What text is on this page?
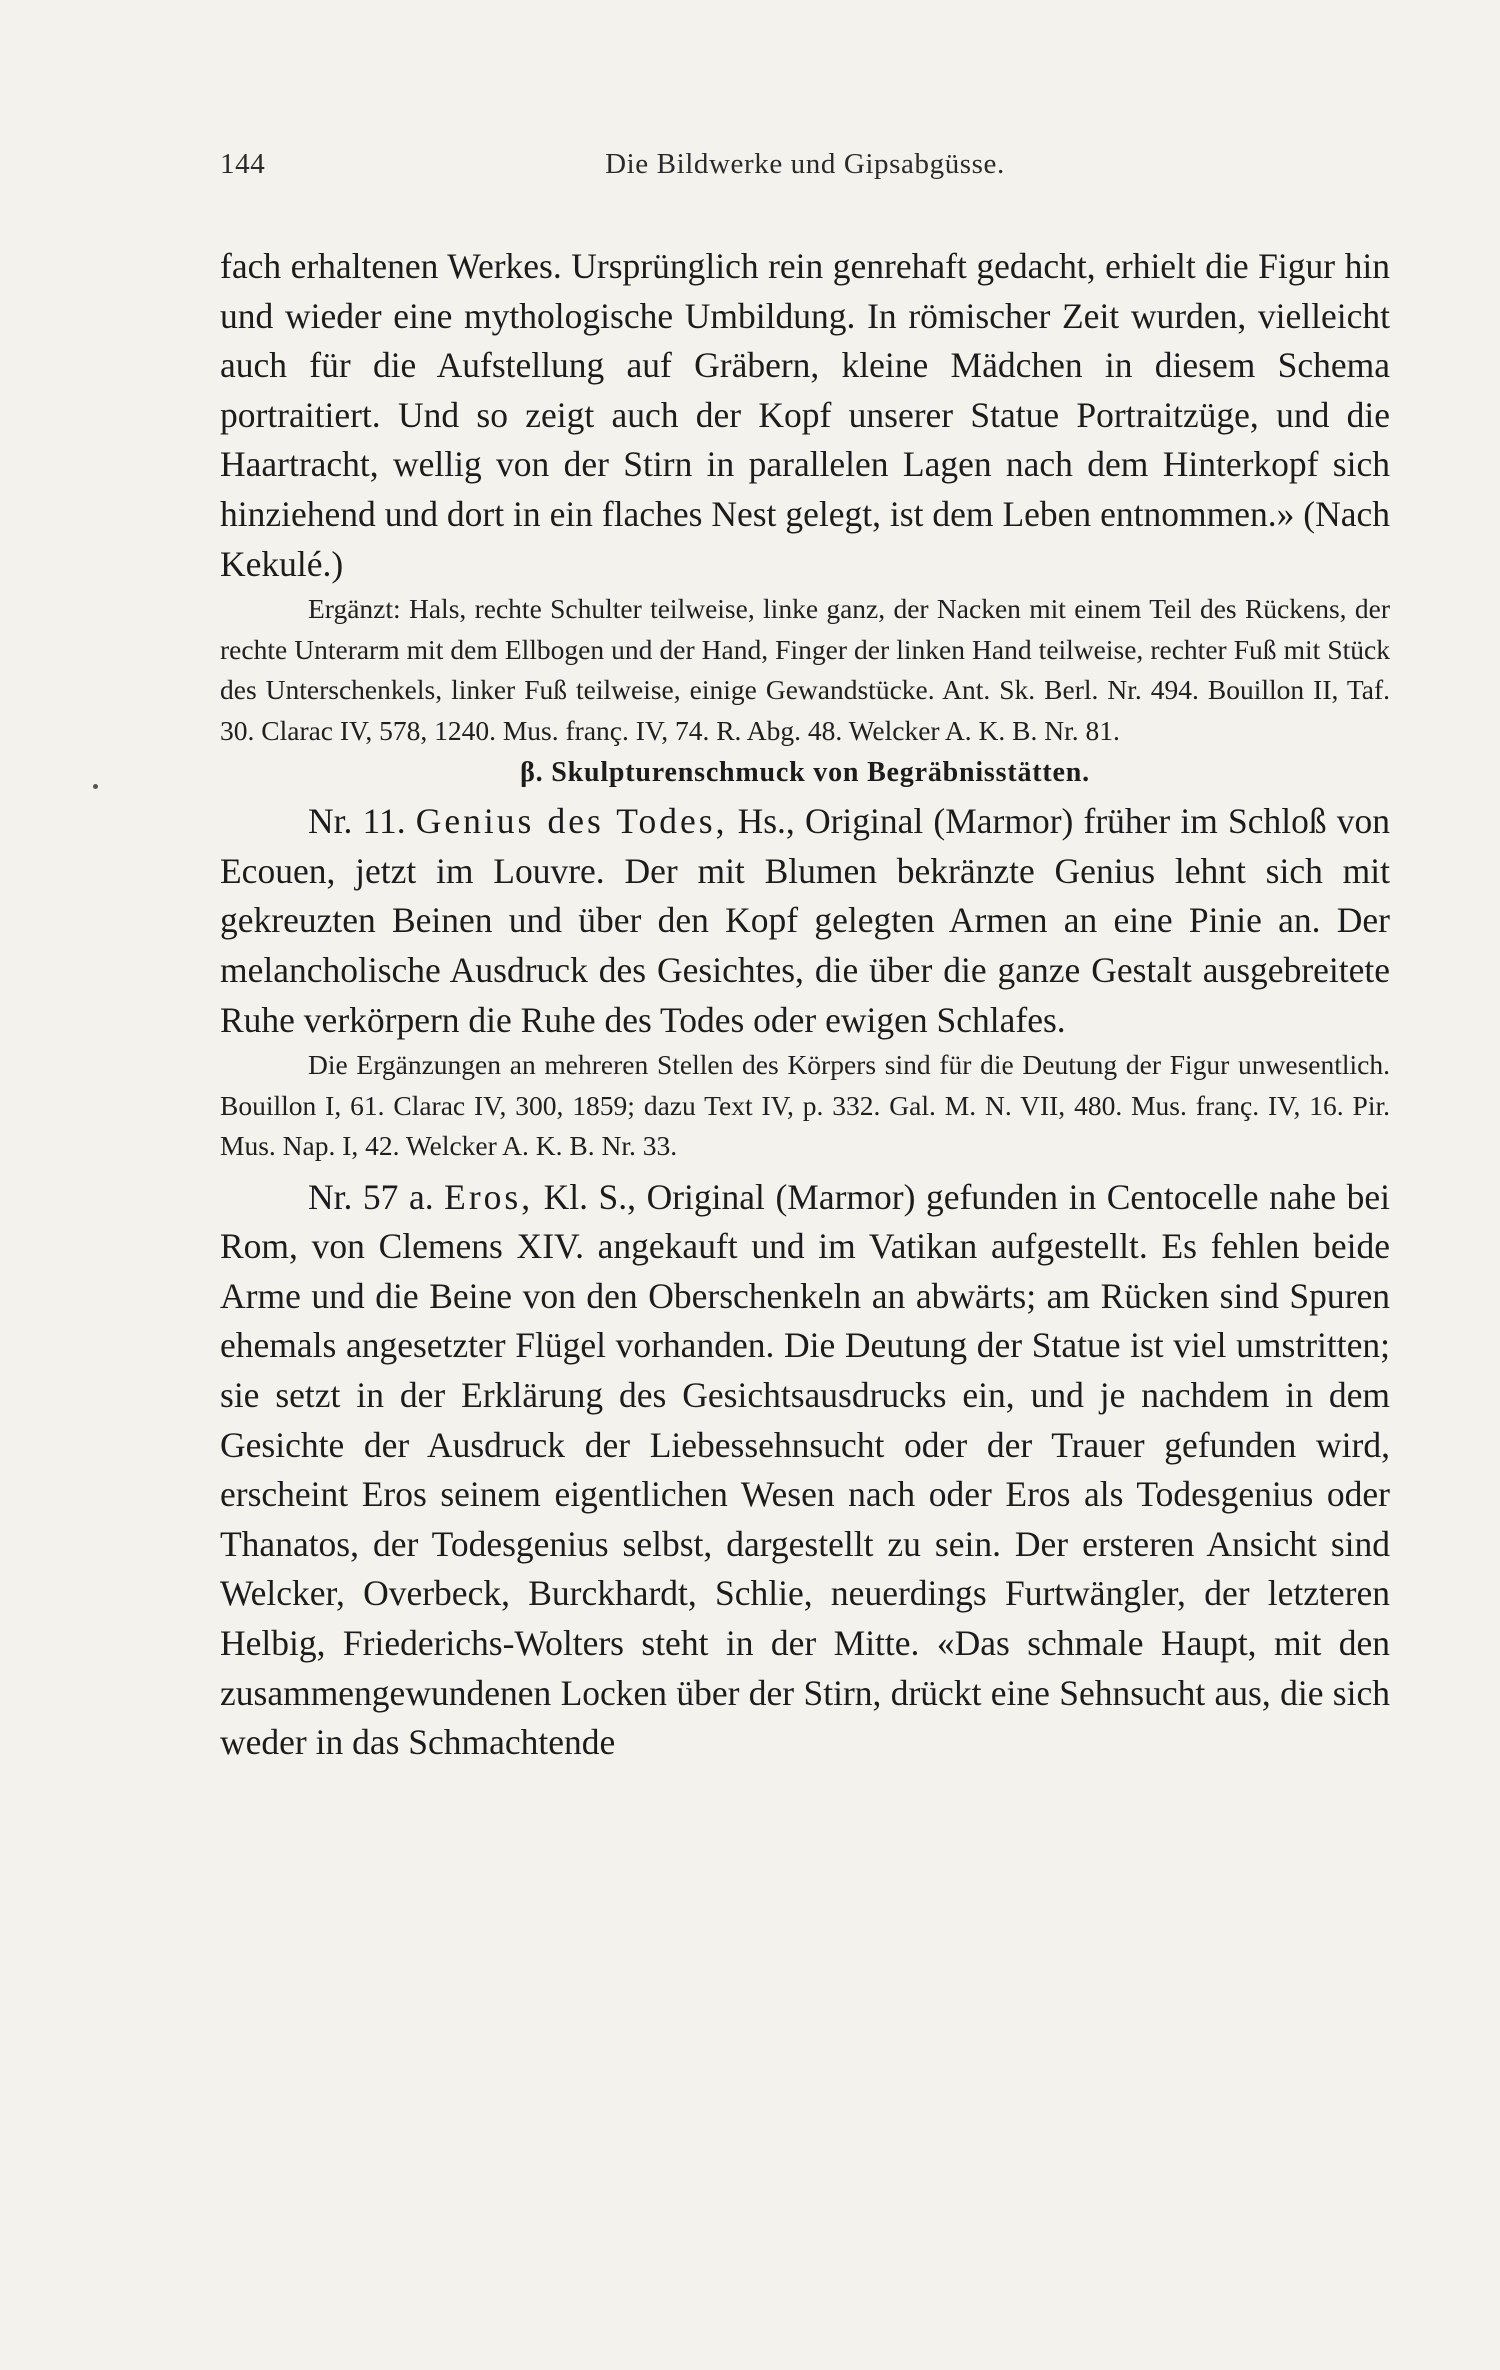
144	Die Bildwerke und Gipsabgüsse.

fach erhaltenen Werkes. Ursprünglich rein genrehaft gedacht, erhielt die Figur hin und wieder eine mythologische Umbildung. In römischer Zeit wurden, vielleicht auch für die Aufstellung auf Gräbern, kleine Mädchen in diesem Schema portraitiert. Und so zeigt auch der Kopf unserer Statue Portraitzüge, und die Haartracht, wellig von der Stirn in parallelen Lagen nach dem Hinterkopf sich hinziehend und dort in ein flaches Nest gelegt, ist dem Leben entnommen.» (Nach Kekulé.)

Ergänzt: Hals, rechte Schulter teilweise, linke ganz, der Nacken mit einem Teil des Rückens, der rechte Unterarm mit dem Ellbogen und der Hand, Finger der linken Hand teilweise, rechter Fuß mit Stück des Unterschenkels, linker Fuß teilweise, einige Gewandstücke. Ant. Sk. Berl. Nr. 494. Bouillon II, Taf. 30. Clarac IV, 578, 1240. Mus. franç. IV, 74. R. Abg. 48. Welcker A. K. B. Nr. 81.

β. Skulpturenschmuck von Begräbnisstätten.

Nr. 11. Genius des Todes, Hs., Original (Marmor) früher im Schloß von Ecouen, jetzt im Louvre. Der mit Blumen bekränzte Genius lehnt sich mit gekreuzten Beinen und über den Kopf gelegten Armen an eine Pinie an. Der melancholische Ausdruck des Gesichtes, die über die ganze Gestalt ausgebreitete Ruhe verkörpern die Ruhe des Todes oder ewigen Schlafes.

Die Ergänzungen an mehreren Stellen des Körpers sind für die Deutung der Figur unwesentlich. Bouillon I, 61. Clarac IV, 300, 1859; dazu Text IV, p. 332. Gal. M. N. VII, 480. Mus. franç. IV, 16. Pir. Mus. Nap. I, 42. Welcker A. K. B. Nr. 33.

Nr. 57 a. Eros, Kl. S., Original (Marmor) gefunden in Centocelle nahe bei Rom, von Clemens XIV. angekauft und im Vatikan aufgestellt. Es fehlen beide Arme und die Beine von den Oberschenkeln an abwärts; am Rücken sind Spuren ehemals angesetzter Flügel vorhanden. Die Deutung der Statue ist viel umstritten; sie setzt in der Erklärung des Gesichtsausdrucks ein, und je nachdem in dem Gesichte der Ausdruck der Liebessehnsucht oder der Trauer gefunden wird, erscheint Eros seinem eigentlichen Wesen nach oder Eros als Todesgenius oder Thanatos, der Todesgenius selbst, dargestellt zu sein. Der ersteren Ansicht sind Welcker, Overbeck, Burckhardt, Schlie, neuerdings Furtwängler, der letzteren Helbig, Friederichs-Wolters steht in der Mitte. «Das schmale Haupt, mit den zusammengewundenen Locken über der Stirn, drückt eine Sehnsucht aus, die sich weder in das Schmachtende
